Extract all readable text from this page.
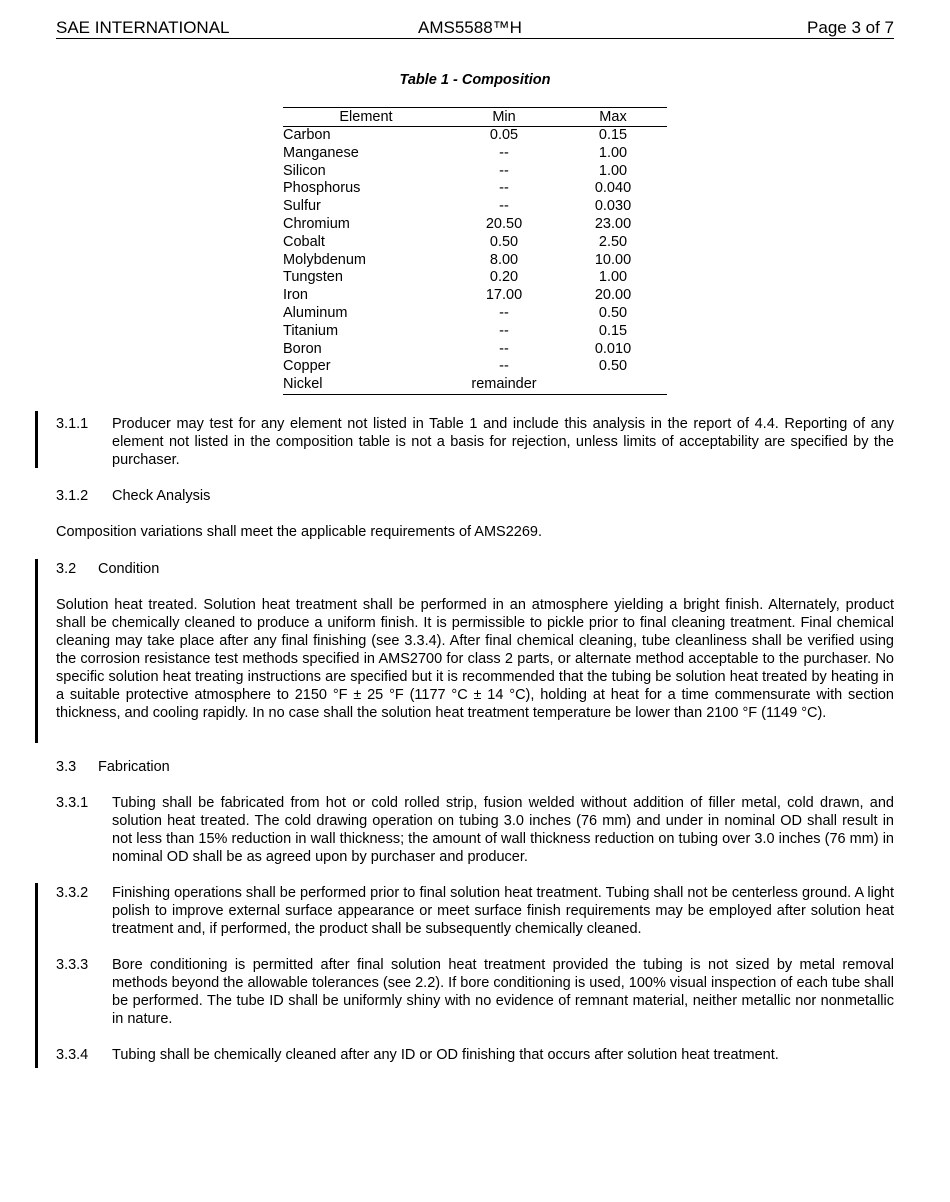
SAE INTERNATIONAL	AMS5588™H	Page 3 of 7
Table 1 - Composition
Element	Min	Max
Carbon	0.05	0.15
Manganese	--	1.00
Silicon	--	1.00
Phosphorus	--	0.040
Sulfur	--	0.030
Chromium	20.50	23.00
Cobalt	0.50	2.50
Molybdenum	8.00	10.00
Tungsten	0.20	1.00
Iron	17.00	20.00
Aluminum	--	0.50
Titanium	--	0.15
Boron	--	0.010
Copper	--	0.50
Nickel	remainder	
3.1.1 Producer may test for any element not listed in Table 1 and include this analysis in the report of 4.4. Reporting of any element not listed in the composition table is not a basis for rejection, unless limits of acceptability are specified by the purchaser.
3.1.2 Check Analysis
Composition variations shall meet the applicable requirements of AMS2269.
3.2 Condition
Solution heat treated. Solution heat treatment shall be performed in an atmosphere yielding a bright finish. Alternately, product shall be chemically cleaned to produce a uniform finish. It is permissible to pickle prior to final cleaning treatment. Final chemical cleaning may take place after any final finishing (see 3.3.4). After final chemical cleaning, tube cleanliness shall be verified using the corrosion resistance test methods specified in AMS2700 for class 2 parts, or alternate method acceptable to the purchaser. No specific solution heat treating instructions are specified but it is recommended that the tubing be solution heat treated by heating in a suitable protective atmosphere to 2150 °F ± 25 °F (1177 °C ± 14 °C), holding at heat for a time commensurate with section thickness, and cooling rapidly. In no case shall the solution heat treatment temperature be lower than 2100 °F (1149 °C).
3.3 Fabrication
3.3.1 Tubing shall be fabricated from hot or cold rolled strip, fusion welded without addition of filler metal, cold drawn, and solution heat treated. The cold drawing operation on tubing 3.0 inches (76 mm) and under in nominal OD shall result in not less than 15% reduction in wall thickness; the amount of wall thickness reduction on tubing over 3.0 inches (76 mm) in nominal OD shall be as agreed upon by purchaser and producer.
3.3.2 Finishing operations shall be performed prior to final solution heat treatment. Tubing shall not be centerless ground. A light polish to improve external surface appearance or meet surface finish requirements may be employed after solution heat treatment and, if performed, the product shall be subsequently chemically cleaned.
3.3.3 Bore conditioning is permitted after final solution heat treatment provided the tubing is not sized by metal removal methods beyond the allowable tolerances (see 2.2). If bore conditioning is used, 100% visual inspection of each tube shall be performed. The tube ID shall be uniformly shiny with no evidence of remnant material, neither metallic nor nonmetallic in nature.
3.3.4 Tubing shall be chemically cleaned after any ID or OD finishing that occurs after solution heat treatment.
